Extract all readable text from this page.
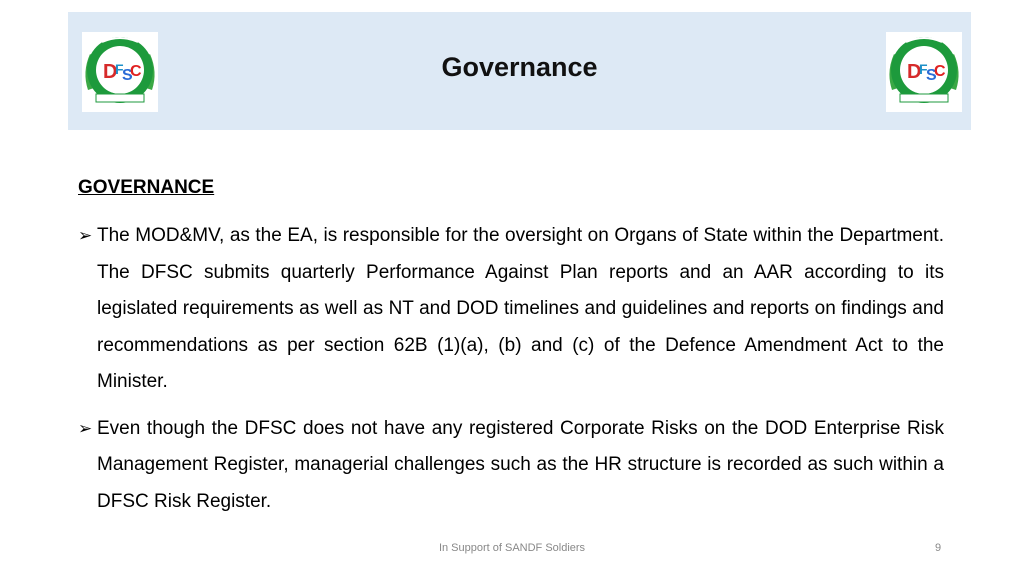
D
F
S
C	Governance	D
F
S
C
GOVERNANCE
➢ The MOD&MV, as the EA, is responsible for the oversight on Organs of State within the Department. The DFSC submits quarterly Performance Against Plan reports and an AAR according to its legislated requirements as well as NT and DOD timelines and guidelines and reports on findings and recommendations as per section 62B (1)(a), (b) and (c) of the Defence Amendment Act to the Minister.
➢ Even though the DFSC does not have any registered Corporate Risks on the DOD Enterprise Risk Management Register, managerial challenges such as the HR structure is recorded as such within a DFSC Risk Register.
In Support of SANDF Soldiers	9
